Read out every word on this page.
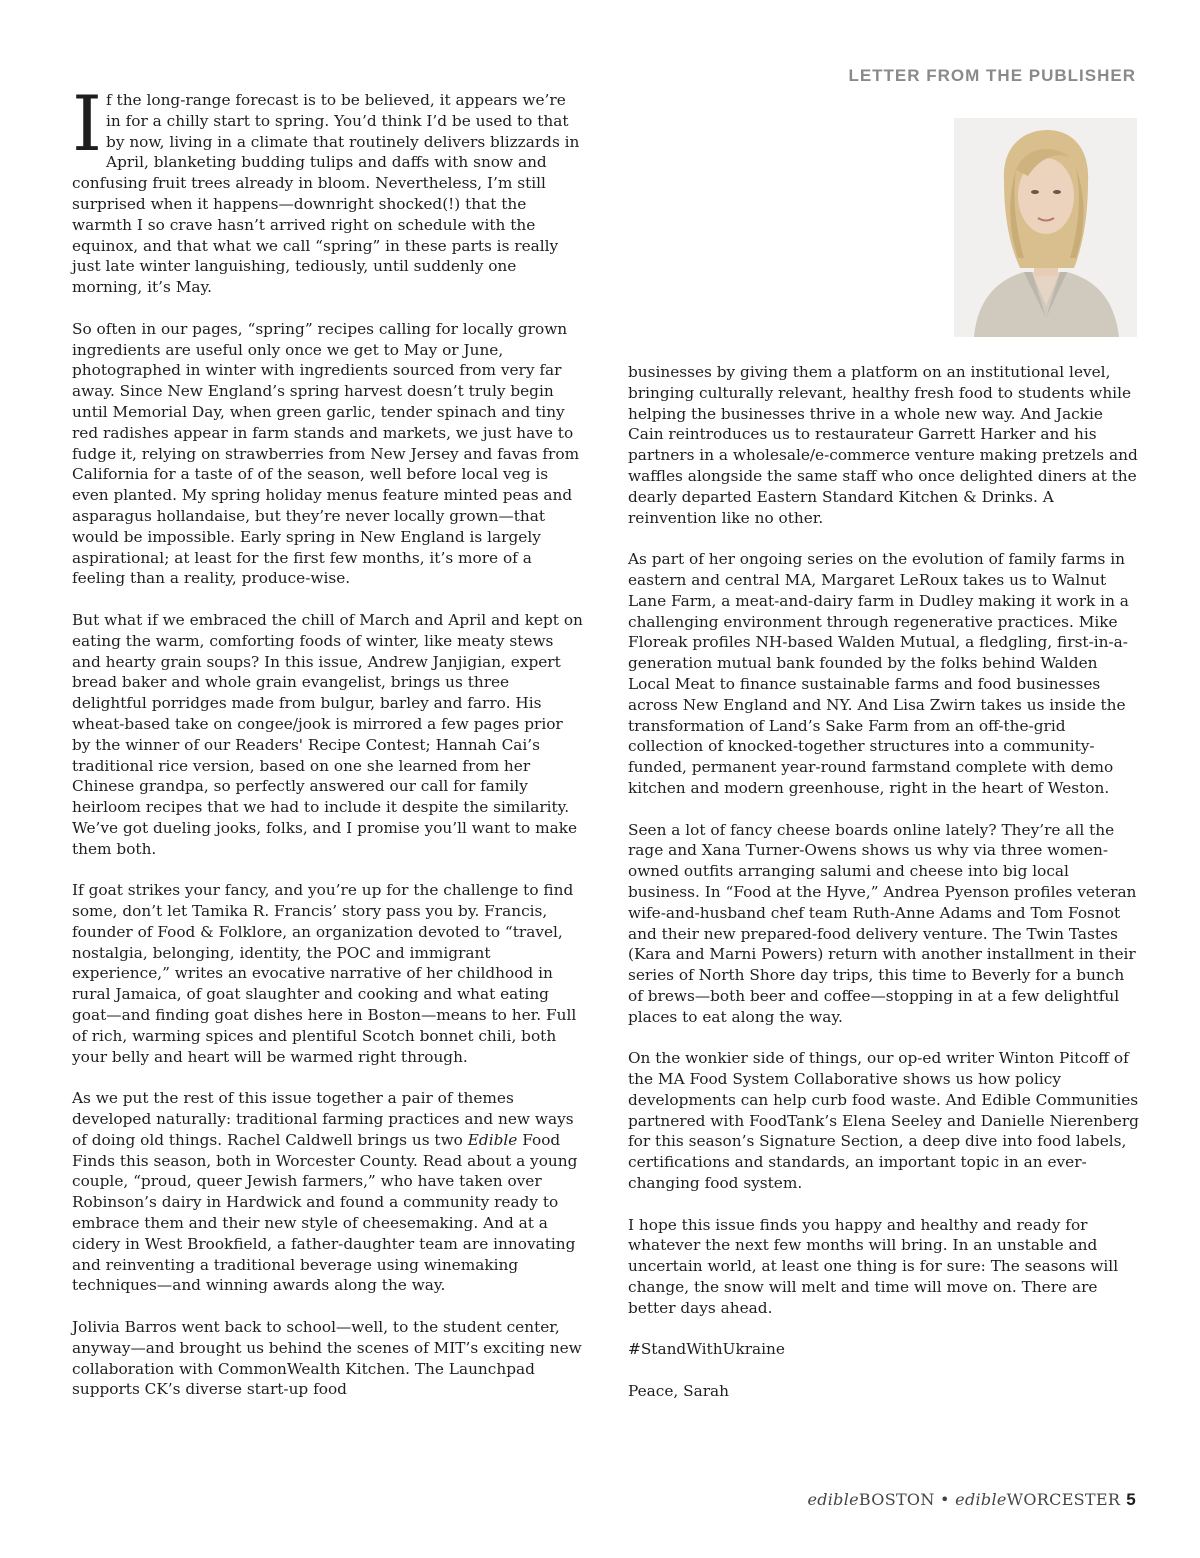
LETTER FROM THE PUBLISHER

If the long-range forecast is to be believed, it appears we’re in for a chilly start to spring. You’d think I’d be used to that by now, living in a climate that routinely delivers blizzards in April, blanketing budding tulips and daffs with snow and confusing fruit trees already in bloom. Nevertheless, I’m still surprised when it happens—downright shocked(!) that the warmth I so crave hasn’t arrived right on schedule with the equinox, and that what we call “spring” in these parts is really just late winter languishing, tediously, until suddenly one morning, it’s May.

So often in our pages, “spring” recipes calling for locally grown ingredients are useful only once we get to May or June, photographed in winter with ingredients sourced from very far away. Since New England’s spring harvest doesn’t truly begin until Memorial Day, when green garlic, tender spinach and tiny red radishes appear in farm stands and markets, we just have to fudge it, relying on strawberries from New Jersey and favas from California for a taste of of the season, well before local veg is even planted. My spring holiday menus feature minted peas and asparagus hollandaise, but they’re never locally grown—that would be impossible. Early spring in New England is largely aspirational; at least for the first few months, it’s more of a feeling than a reality, produce-wise.

But what if we embraced the chill of March and April and kept on eating the warm, comforting foods of winter, like meaty stews and hearty grain soups? In this issue, Andrew Janjigian, expert bread baker and whole grain evangelist, brings us three delightful porridges made from bulgur, barley and farro. His wheat-based take on congee/jook is mirrored a few pages prior by the winner of our Readers' Recipe Contest; Hannah Cai’s traditional rice version, based on one she learned from her Chinese grandpa, so perfectly answered our call for family heirloom recipes that we had to include it despite the similarity. We’ve got dueling jooks, folks, and I promise you’ll want to make them both.

If goat strikes your fancy, and you’re up for the challenge to find some, don’t let Tamika R. Francis’ story pass you by. Francis, founder of Food & Folklore, an organization devoted to “travel, nostalgia, belonging, identity, the POC and immigrant experience,” writes an evocative narrative of her childhood in rural Jamaica, of goat slaughter and cooking and what eating goat—and finding goat dishes here in Boston—means to her. Full of rich, warming spices and plentiful Scotch bonnet chili, both your belly and heart will be warmed right through.

As we put the rest of this issue together a pair of themes developed naturally: traditional farming practices and new ways of doing old things. Rachel Caldwell brings us two Edible Food Finds this season, both in Worcester County. Read about a young couple, “proud, queer Jewish farmers,” who have taken over Robinson’s dairy in Hardwick and found a community ready to embrace them and their new style of cheesemaking. And at a cidery in West Brookfield, a father-daughter team are innovating and reinventing a traditional beverage using winemaking techniques—and winning awards along the way.

Jolivia Barros went back to school—well, to the student center, anyway—and brought us behind the scenes of MIT’s exciting new collaboration with CommonWealth Kitchen. The Launchpad supports CK’s diverse start-up food

businesses by giving them a platform on an institutional level, bringing culturally relevant, healthy fresh food to students while helping the businesses thrive in a whole new way. And Jackie Cain reintroduces us to restaurateur Garrett Harker and his partners in a wholesale/e-commerce venture making pretzels and waffles alongside the same staff who once delighted diners at the dearly departed Eastern Standard Kitchen & Drinks. A reinvention like no other.

As part of her ongoing series on the evolution of family farms in eastern and central MA, Margaret LeRoux takes us to Walnut Lane Farm, a meat-and-dairy farm in Dudley making it work in a challenging environment through regenerative practices. Mike Floreak profiles NH-based Walden Mutual, a fledgling, first-in-a-generation mutual bank founded by the folks behind Walden Local Meat to finance sustainable farms and food businesses across New England and NY. And Lisa Zwirn takes us inside the transformation of Land’s Sake Farm from an off-the-grid collection of knocked-together structures into a community-funded, permanent year-round farmstand complete with demo kitchen and modern greenhouse, right in the heart of Weston.

Seen a lot of fancy cheese boards online lately? They’re all the rage and Xana Turner-Owens shows us why via three women-owned outfits arranging salumi and cheese into big local business. In “Food at the Hyve,” Andrea Pyenson profiles veteran wife-and-husband chef team Ruth-Anne Adams and Tom Fosnot and their new prepared-food delivery venture. The Twin Tastes (Kara and Marni Powers) return with another installment in their series of North Shore day trips, this time to Beverly for a bunch of brews—both beer and coffee—stopping in at a few delightful places to eat along the way.

On the wonkier side of things, our op-ed writer Winton Pitcoff of the MA Food System Collaborative shows us how policy developments can help curb food waste. And Edible Communities partnered with FoodTank’s Elena Seeley and Danielle Nierenberg for this season’s Signature Section, a deep dive into food labels, certifications and standards, an important topic in an ever-changing food system.

I hope this issue finds you happy and healthy and ready for whatever the next few months will bring. In an unstable and uncertain world, at least one thing is for sure: The seasons will change, the snow will melt and time will move on. There are better days ahead.

#StandWithUkraine

Peace, Sarah

edibleBOSTON • edibleWORCESTER 5
